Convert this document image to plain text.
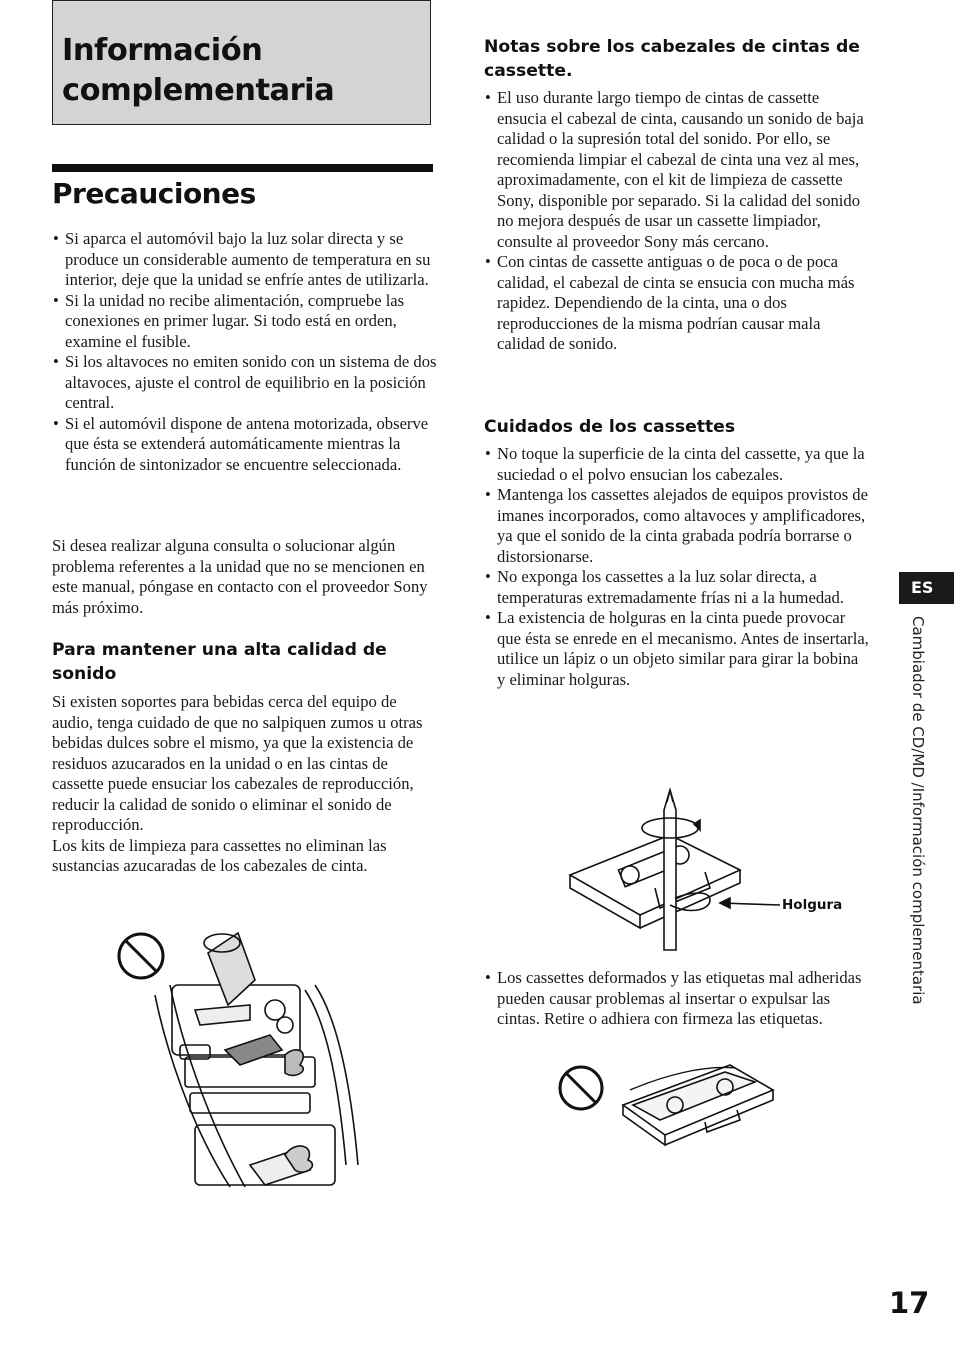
Información
complementaria
Precauciones
• Si aparca el automóvil bajo la luz solar directa y se produce un considerable aumento de temperatura en su interior, deje que la unidad se enfríe antes de utilizarla.
• Si la unidad no recibe alimentación, compruebe las conexiones en primer lugar. Si todo está en orden, examine el fusible.
• Si los altavoces no emiten sonido con un sistema de dos altavoces, ajuste el control de equilibrio en la posición central.
• Si el automóvil dispone de antena motorizada, observe que ésta se extenderá automáticamente mientras la función de sintonizador se encuentre seleccionada.

Si desea realizar alguna consulta o solucionar algún problema referentes a la unidad que no se mencionen en este manual, póngase en contacto con el proveedor Sony más próximo.

Para mantener una alta calidad de sonido

Si existen soportes para bebidas cerca del equipo de audio, tenga cuidado de que no salpiquen zumos u otras bebidas dulces sobre el mismo, ya que la existencia de residuos azucarados en la unidad o en las cintas de cassette puede ensuciar los cabezales de reproducción, reducir la calidad de sonido o eliminar el sonido de reproducción.

Los kits de limpieza para cassettes no eliminan las sustancias azucaradas de los cabezales de cinta.

Notas sobre los cabezales de cintas de cassette.
• El uso durante largo tiempo de cintas de cassette ensucia el cabezal de cinta, causando un sonido de baja calidad o la supresión total del sonido. Por ello, se recomienda limpiar el cabezal de cinta una vez al mes, aproximadamente, con el kit de limpieza de cassette Sony, disponible por separado. Si la calidad del sonido no mejora después de usar un cassette limpiador, consulte al proveedor Sony más cercano.
• Con cintas de cassette antiguas o de poca o de poca calidad, el cabezal de cinta se ensucia con mucha más rapidez. Dependiendo de la cinta, una o dos reproducciones de la misma podrían causar mala calidad de sonido.
Cuidados de los cassettes
• No toque la superficie de la cinta del cassette, ya que la suciedad o el polvo ensucian los cabezales.
• Mantenga los cassettes alejados de equipos provistos de imanes incorporados, como altavoces y amplificadores, ya que el sonido de la cinta grabada podría borrarse o distorsionarse.
• No exponga los cassettes a la luz solar directa, a temperaturas extremadamente frías ni a la humedad.
• La existencia de holguras en la cinta puede provocar que ésta se enrede en el mecanismo. Antes de insertarla, utilice un lápiz o un objeto similar para girar la bobina y eliminar holguras.
Holgura
• Los cassettes deformados y las etiquetas mal adheridas pueden causar problemas al insertar o expulsar las cintas. Retire o adhiera con firmeza las etiquetas.
ES
Cambiador de CD/MD /Información complementaria
17
